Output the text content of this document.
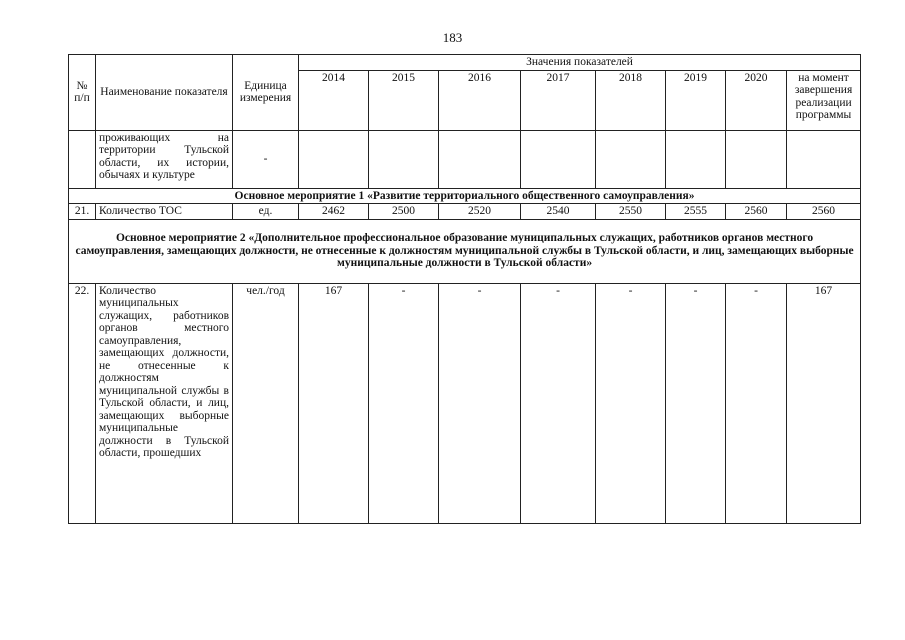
183
№ п/п	Наименование показателя	Единица измерения	Значения показателей							
			2014	2015	2016	2017	2018	2019	2020	на момент завершения реализации программы
	проживающих на территории Тульской области, их истории, обычаях и культуре	-								
Основное мероприятие 1 «Развитие территориального общественного самоуправления»										
21.	Количество ТОС	ед.	2462	2500	2520	2540	2550	2555	2560	2560
Основное мероприятие 2 «Дополнительное профессиональное образование муниципальных служащих, работников органов местного самоуправления, замещающих должности, не отнесенные к должностям муниципальной службы в Тульской области, и лиц, замещающих выборные муниципальные должности в Тульской области»										
22.	Количество муниципальных служащих, работников органов местного самоуправления, замещающих должности, не отнесенные к должностям муниципальной службы в Тульской области, и лиц, замещающих выборные муниципальные должности в Тульской области, прошедших	чел./год	167	-	-	-	-	-	-	167
